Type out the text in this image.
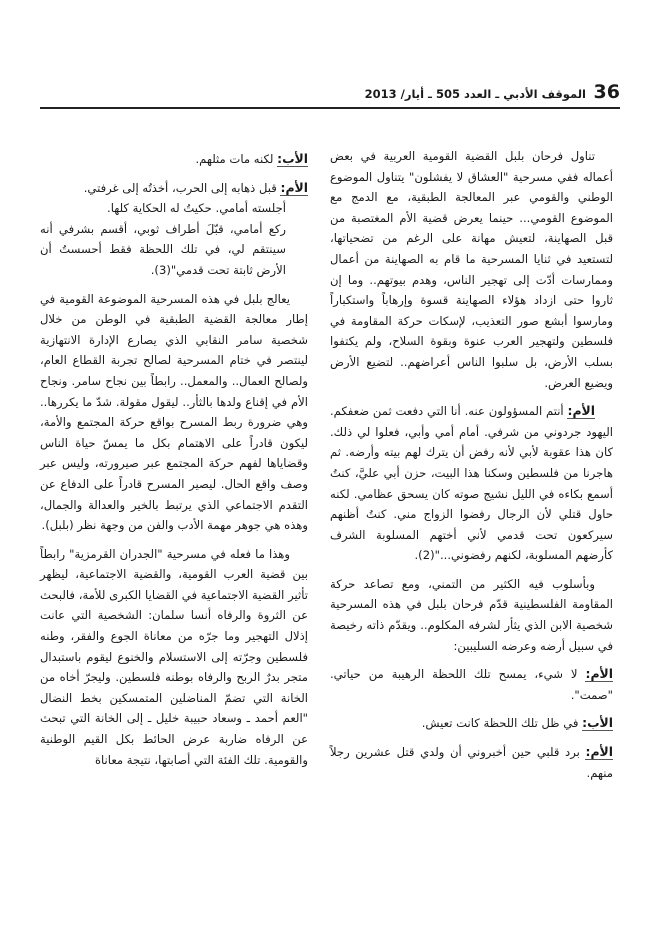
36
الموقف الأدبي ـ العدد 505 ـ أيار/ 2013

تناول فرحان بلبل القضية القومية العربية في بعض أعماله ففي مسرحية "العشاق لا يفشلون" يتناول الموضوع الوطني والقومي عبر المعالجة الطبقية، مع الدمج مع الموضوع القومي... حينما يعرض قضية الأم المغتصبة من قبل الصهاينة، لتعيش مهانة على الرغم من تضحياتها، لتستعيد في ثنايا المسرحية ما قام به الصهاينة من أعمال وممارسات أدّت إلى تهجير الناس، وهدم بيوتهم.. وما إن ثاروا حتى ازداد هؤلاء الصهاينة قسوة وإرهاباً واستكباراً ومارسوا أبشع صور التعذيب، لإسكات حركة المقاومة في فلسطين ولتهجير العرب عنوة وبقوة السلاح، ولم يكتفوا بسلب الأرض، بل سلبوا الناس أعراضهم.. لتضيع الأرض ويضيع العرض.

الأم: أنتم المسؤولون عنه. أنا التي دفعت ثمن ضعفكم. اليهود جردوني من شرفي. أمام أمي وأبي، فعلوا لي ذلك. كان هذا عقوبة لأبي لأنه رفض أن يترك لهم بيته وأرضه. ثم هاجرنا من فلسطين وسكنا هذا البيت، حزن أبي عليَّ، كنتُ أسمع بكاءه في الليل نشيج صوته كان يسحق عظامي. لكنه حاول قتلي لأن الرجال رفضوا الزواج مني. كنتُ أظنهم سيركعون تحت قدمي لأني أختهم المسلوبة الشرف كأرضهم المسلوبة، لكنهم رفضوني..."(2).

وبأسلوب فيه الكثير من التمني، ومع تصاعد حركة المقاومة الفلسطينية قدّم فرحان بلبل في هذه المسرحية شخصية الابن الذي يثأر لشرفه المكلوم.. ويقدّم ذاته رخيصة في سبيل أرضه وعرضه السليبين:

الأم: لا شيء، يمسح تلك اللحظة الرهيبة من حياتي. "صمت".

الأب: في ظل تلك اللحظة كانت تعيش.

الأم: برد قلبي حين أخبروني أن ولدي قتل عشرين رجلاً منهم.

الأب: لكنه مات مثلهم.

الأم: قبل ذهابه إلى الحرب، أخذتُه إلى غرفتي.

أجلسته أمامي. حكيتُ له الحكاية كلها.

ركع أمامي، قبّلَ أطراف ثوبي، أقسم بشرفي أنه سينتقم لي، في تلك اللحظة فقط أحسستُ أن الأرض ثابتة تحت قدمي"(3).

يعالج بلبل في هذه المسرحية الموضوعة القومية في إطار معالجة القضية الطبقية في الوطن من خلال شخصية سامر النقابي الذي يصارع الإدارة الانتهازية لينتصر في ختام المسرحية لصالح تجربة القطاع العام، ولصالح العمال.. والمعمل.. رابطاً بين نجاح سامر. ونجاح الأم في إقناع ولدها بالثأر.. ليقول مقولة. شدّ ما يكررها.. وهي ضرورة ربط المسرح بواقع حركة المجتمع والأمة، ليكون قادراً على الاهتمام بكل ما يمسّ حياة الناس وقضاياها لفهم حركة المجتمع عبر صيرورته، وليس عبر وصف واقع الحال. ليصير المسرح قادراً على الدفاع عن التقدم الاجتماعي الذي يرتبط بالخير والعدالة والجمال، وهذه هي جوهر مهمة الأدب والفن من وجهة نظر (بلبل).

وهذا ما فعله في مسرحية "الجدران القرمزية" رابطاً بين قضية العرب القومية، والقضية الاجتماعية، ليظهر تأثير القضية الاجتماعية في القضايا الكبرى للأمة، فالبحث عن الثروة والرفاه أنسا سلمان: الشخصية التي عانت إذلال التهجير وما جرّه من معاناة الجوع والفقر، وطنه فلسطين وجرّته إلى الاستسلام والخنوع ليقوم باستبدال متجر بدرٌ الربح والرفاه بوطنه فلسطين. وليجرّ أخاه من الخانة التي تضمّ المناضلين المتمسكين بخط النضال "العم أحمد ـ وسعاد حبيبة خليل ـ إلى الخانة التي تبحث عن الرفاه ضاربة عرض الحائط بكل القيم الوطنية والقومية. تلك الفئة التي أصابتها، نتيجة معاناة
